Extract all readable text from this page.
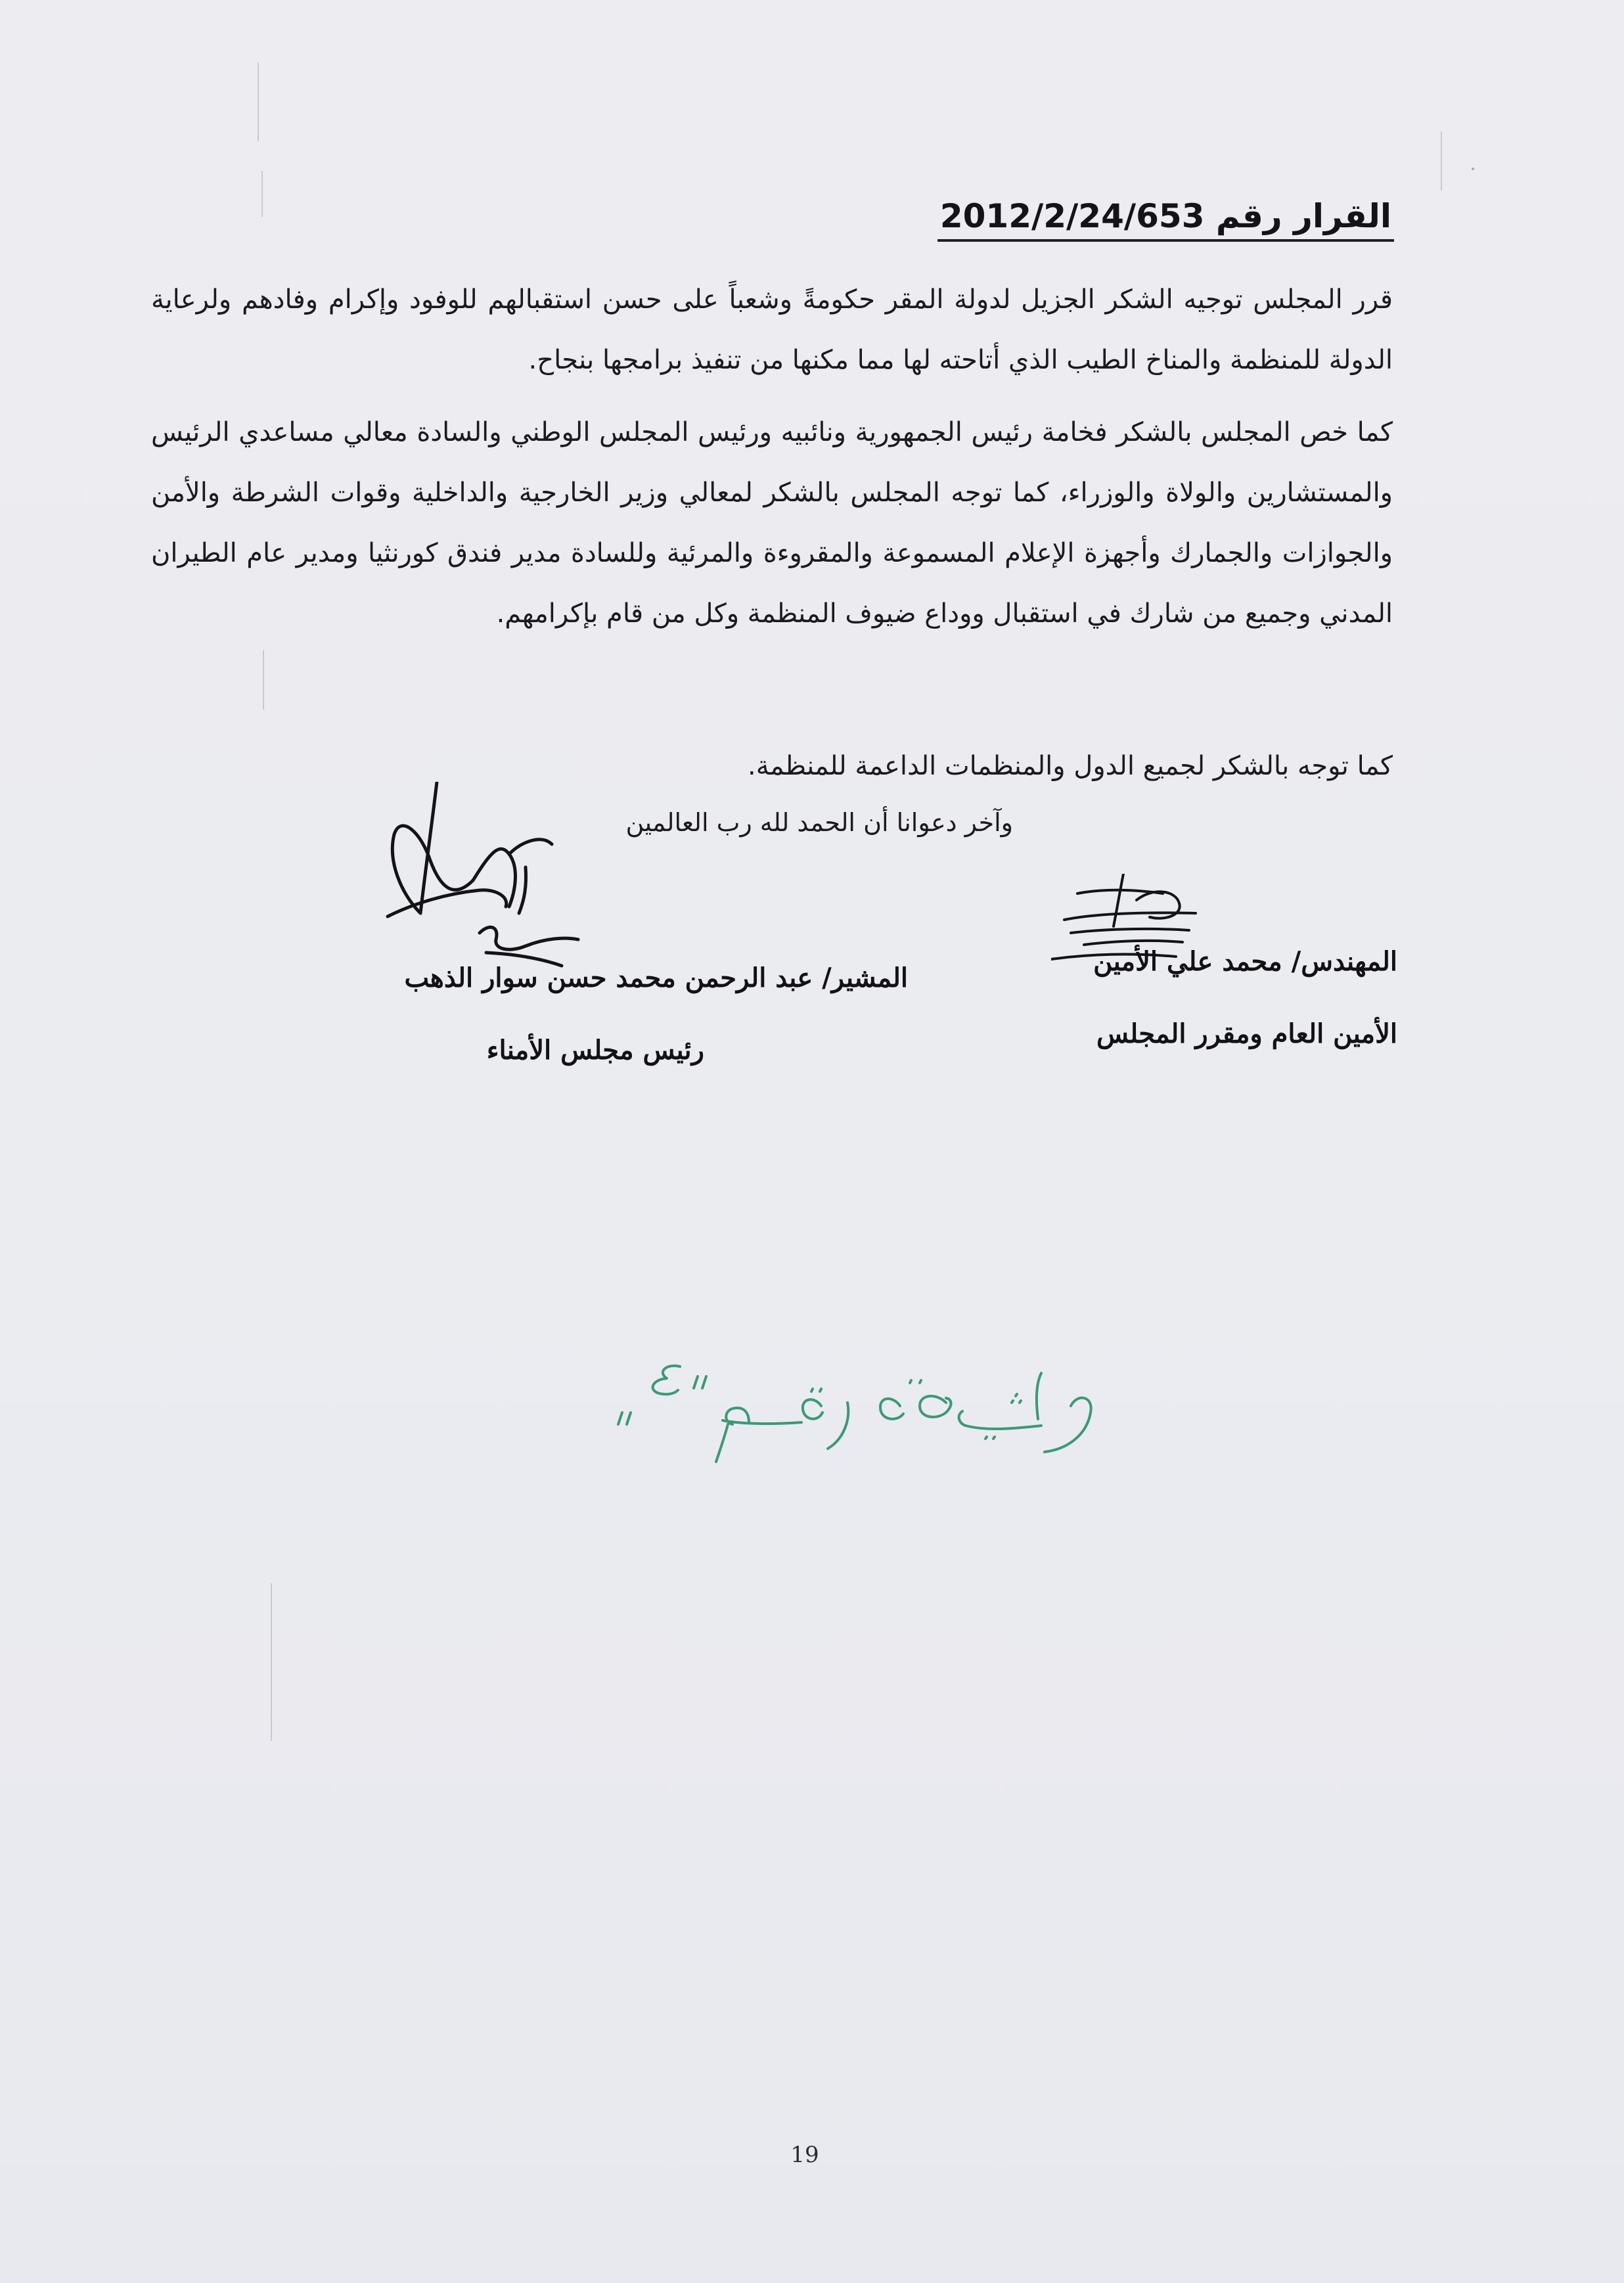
القرار رقم 2012/2/24/653

قرر المجلس توجيه الشكر الجزيل لدولة المقر حكومةً وشعباً على حسن استقبالهم للوفود وإكرام وفادهم ولرعاية الدولة للمنظمة والمناخ الطيب الذي أتاحته لها مما مكنها من تنفيذ برامجها بنجاح.

كما خص المجلس بالشكر فخامة رئيس الجمهورية ونائبيه ورئيس المجلس الوطني والسادة معالي مساعدي الرئيس والمستشارين والولاة والوزراء، كما توجه المجلس بالشكر لمعالي وزير الخارجية والداخلية وقوات الشرطة والأمن والجوازات والجمارك وأجهزة الإعلام المسموعة والمقروءة والمرئية وللسادة مدير فندق كورنثيا ومدير عام الطيران المدني وجميع من شارك في استقبال ووداع ضيوف المنظمة وكل من قام بإكرامهم.

كما توجه بالشكر لجميع الدول والمنظمات الداعمة للمنظمة.

وآخر دعوانا أن الحمد لله رب العالمين
المهندس/ محمد علي الأمين
الأمين العام ومقرر المجلس
المشير/ عبد الرحمن محمد حسن سوار الذهب
رئيس مجلس الأمناء
وثيقه رقم "٤"
19
